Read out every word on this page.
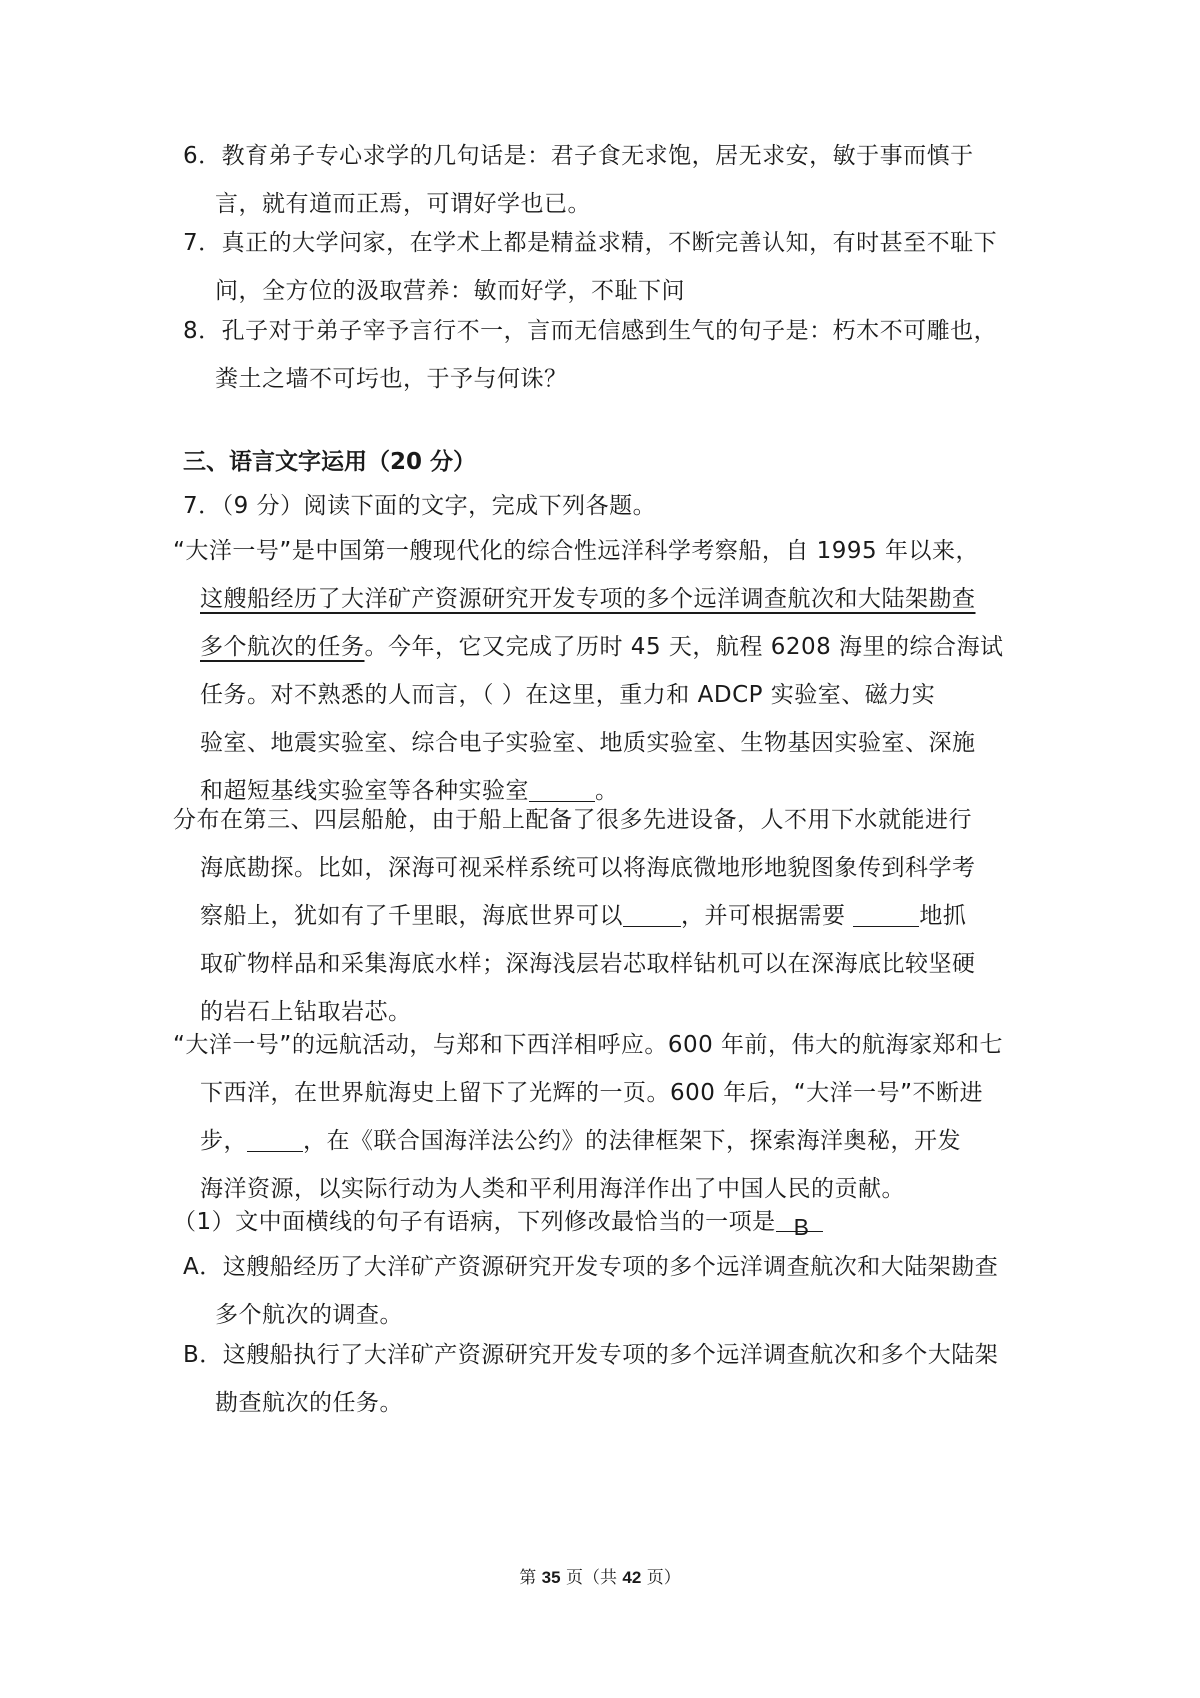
6．教育弟子专心求学的几句话是：君子食无求饱，居无求安，敏于事而慎于
言，就有道而正焉，可谓好学也已。
7．真正的大学问家，在学术上都是精益求精，不断完善认知，有时甚至不耻下
问，全方位的汲取营养：敏而好学，不耻下问
8．孔子对于弟子宰予言行不一，言而无信感到生气的句子是：朽木不可雕也，
粪土之墙不可圬也，于予与何诛？
三、语言文字运用（20 分）
7．（9 分）阅读下面的文字，完成下列各题。
“大洋一号”是中国第一艘现代化的综合性远洋科学考察船，自 1995 年以来，
这艘船经历了大洋矿产资源研究开发专项的多个远洋调查航次和大陆架勘查
多个航次的任务。今年，它又完成了历时 45 天，航程 6208 海里的综合海试
任务。对不熟悉的人而言，（ ）在这里，重力和 ADCP 实验室、磁力实
验室、地震实验室、综合电子实验室、地质实验室、生物基因实验室、深施
和超短基线实验室等各种实验室	。
分布在第三、四层船舱，由于船上配备了很多先进设备，人不用下水就能进行
海底勘探。比如，深海可视采样系统可以将海底微地形地貌图象传到科学考
察船上，犹如有了千里眼，海底世界可以	，并可根据需要	地抓
取矿物样品和采集海底水样；深海浅层岩芯取样钻机可以在深海底比较坚硬
的岩石上钻取岩芯。
“大洋一号”的远航活动，与郑和下西洋相呼应。600 年前，伟大的航海家郑和七
下西洋，在世界航海史上留下了光辉的一页。600 年后，“大洋一号”不断进
步， ，在《联合国海洋法公约》的法律框架下，探索海洋奥秘，开发
海洋资源，以实际行动为人类和平利用海洋作出了中国人民的贡献。
（1）文中面横线的句子有语病，下列修改最恰当的一项是 B
A．这艘船经历了大洋矿产资源研究开发专项的多个远洋调查航次和大陆架勘查
多个航次的调查。
B．这艘船执行了大洋矿产资源研究开发专项的多个远洋调查航次和多个大陆架
勘查航次的任务。
第 35 页（共 42 页）
